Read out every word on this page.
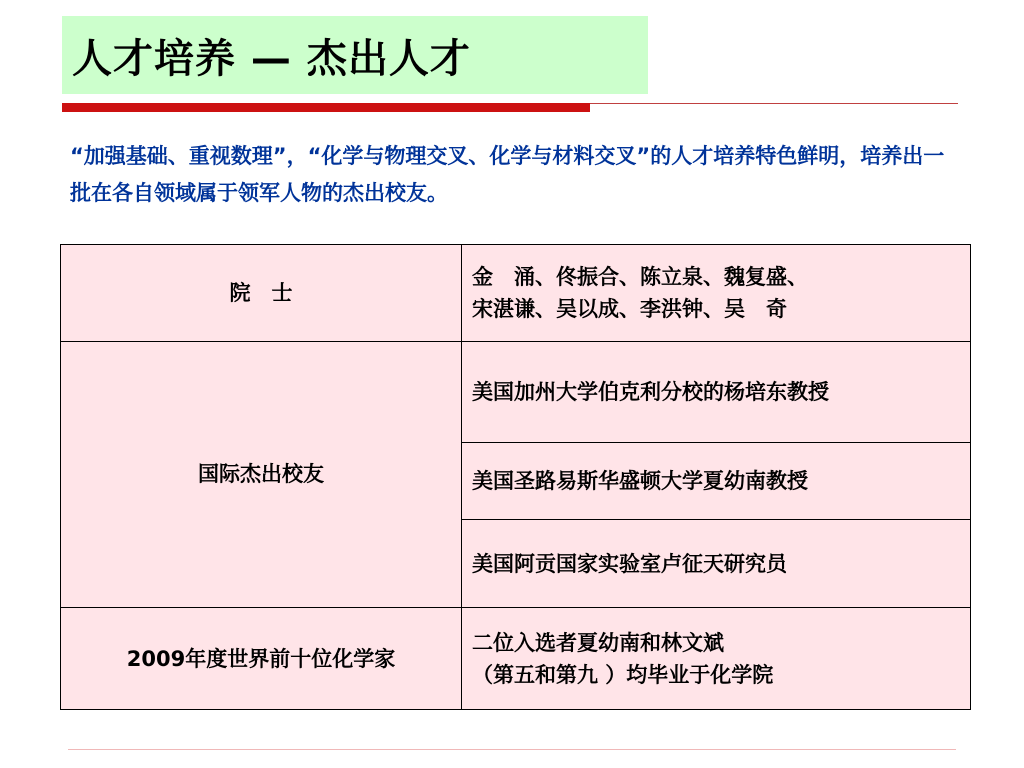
人才培养 — 杰出人才
“加强基础、重视数理”，“化学与物理交叉、化学与材料交叉”的人才培养特色鲜明，培养出一批在各自领域属于领军人物的杰出校友。
院　士	金　涌、佟振合、陈立泉、魏复盛、
宋湛谦、吴以成、李洪钟、吴　奇

国际杰出校友	美国加州大学伯克利分校的杨培东教授
	美国圣路易斯华盛顿大学夏幼南教授
	美国阿贡国家实验室卢征天研究员
2009年度世界前十位化学家	二位入选者夏幼南和林文斌
（第五和第九 ）均毕业于化学院
